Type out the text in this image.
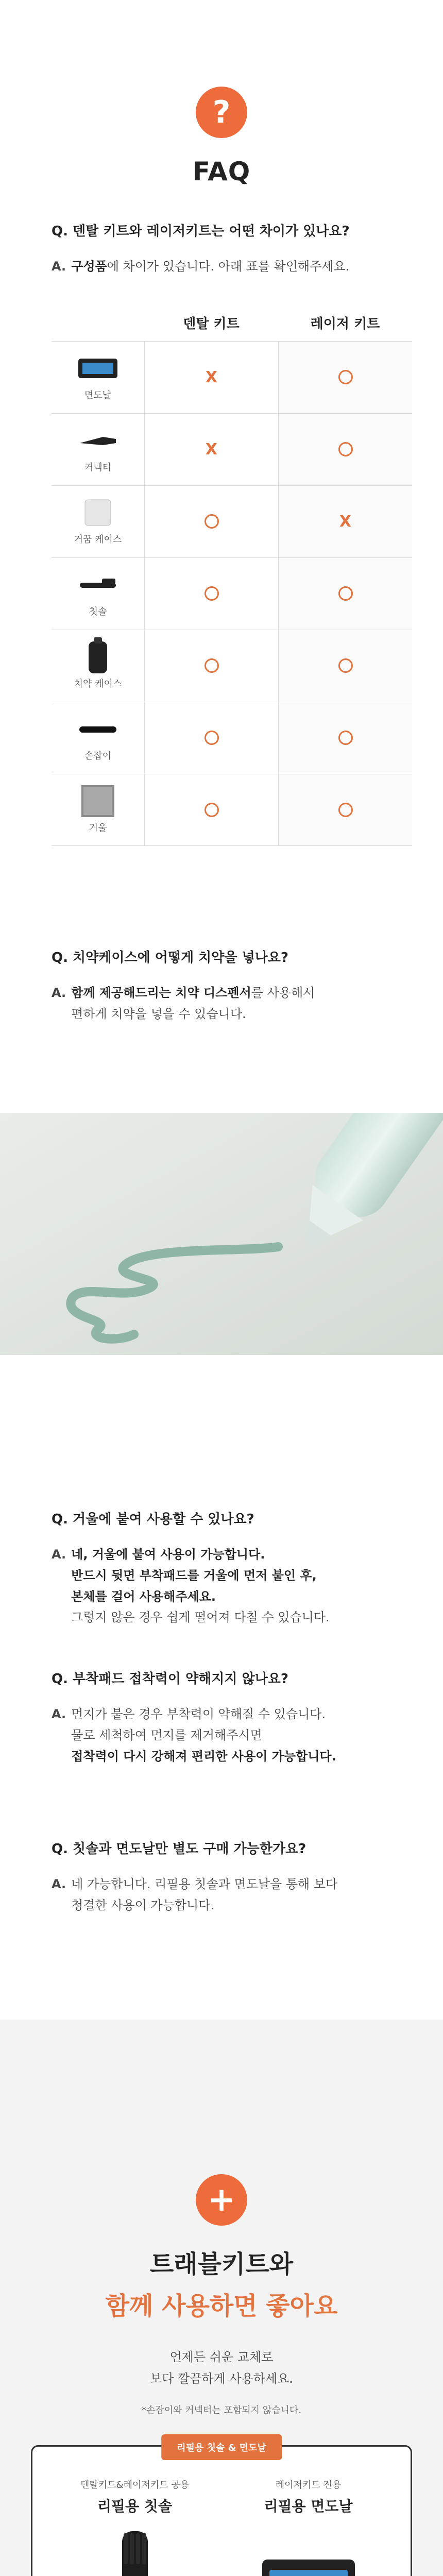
?
FAQ
Q. 덴탈 키트와 레이저키트는 어떤 차이가 있나요?
A. 구성품에 차이가 있습니다. 아래 표를 확인해주세요.
덴탈 키트	레이저 키트
면도날
X
커넥터
X
거꿈 케이스
X
칫솔
치약 케이스
손잡이
거울
Q. 치약케이스에 어떻게 치약을 넣나요?
A. 함께 제공해드리는 치약 디스펜서를 사용해서
편하게 치약을 넣을 수 있습니다.
Q. 거울에 붙여 사용할 수 있나요?
A. 네, 거울에 붙여 사용이 가능합니다.
반드시 뒷면 부착패드를 거울에 먼저 붙인 후,
본체를 걸어 사용해주세요.
그렇지 않은 경우 쉽게 떨어져 다칠 수 있습니다.
Q. 부착패드 접착력이 약해지지 않나요?
A. 먼지가 붙은 경우 부착력이 약해질 수 있습니다.
물로 세척하여 먼지를 제거해주시면
접착력이 다시 강해져 편리한 사용이 가능합니다.
Q. 칫솔과 면도날만 별도 구매 가능한가요?
A. 네 가능합니다. 리필용 칫솔과 면도날을 통해 보다
청결한 사용이 가능합니다.
+
트래블키트와
함께 사용하면 좋아요
언제든 쉬운 교체로
보다 깔끔하게 사용하세요.
*손잡이와 커넥터는 포함되지 않습니다.
리필용 칫솔 & 면도날
덴탈키트&레이저키트 공용
리필용 칫솔
레이저키트 전용
리필용 면도날
